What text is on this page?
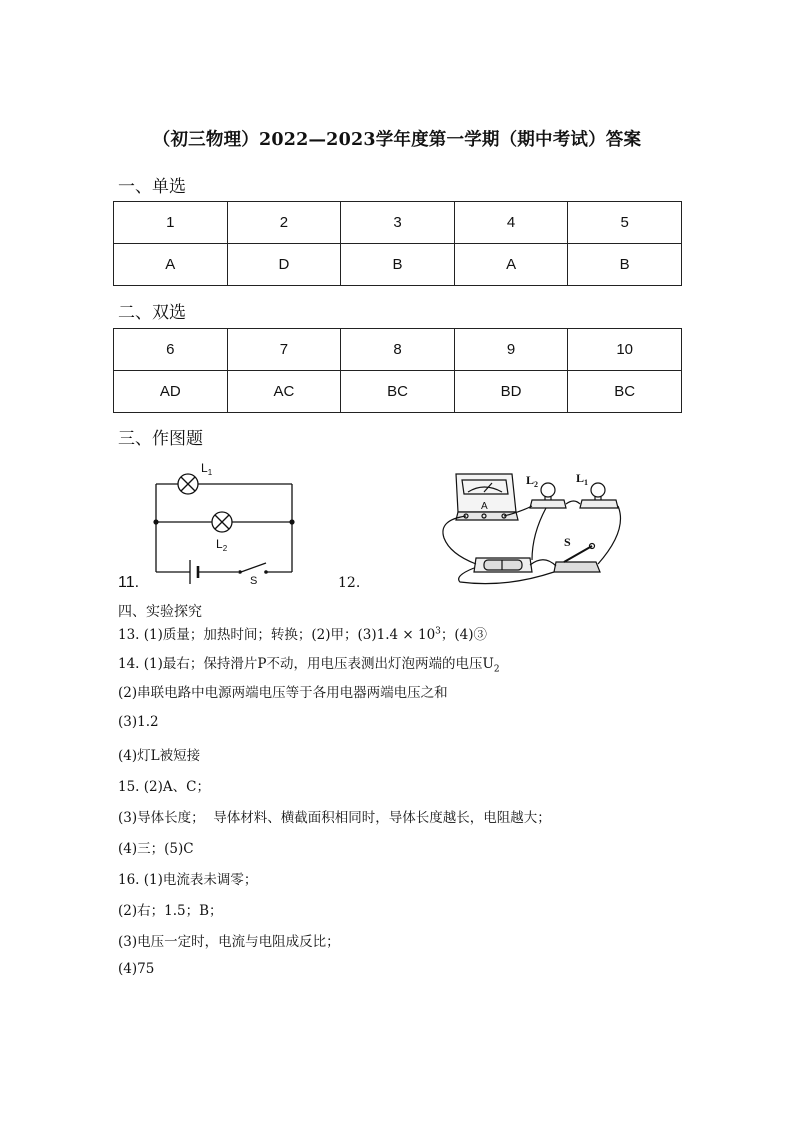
（初三物理）2022—2023学年度第一学期（期中考试）答案
一、单选
1	2	3	4	5
A	D	B	A	B
二、双选
6	7	8	9	10
AD	AC	BC	BD	BC
三、作图题
11.
$L_1$
$L_2$
S	12.
A
$L_2$	$L_1$
S
四、实验探究
13. (1)质量；加热时间；转换；(2)甲；$(3)1.4 \times 10^3$；(4)③
14. (1)最右；保持滑片P不动，用电压表测出灯泡两端的电压$U_2$
(2)串联电路中电源两端电压等于各用电器两端电压之和
(3)1.2
(4)灯L被短接
15. (2)A、C；
(3)导体长度；  导体材料、横截面积相同时，导体长度越长，电阻越大；
(4)三；(5)C
16. (1)电流表未调零；
(2)右；1.5；B；
(3)电压一定时，电流与电阻成反比；
(4)75
